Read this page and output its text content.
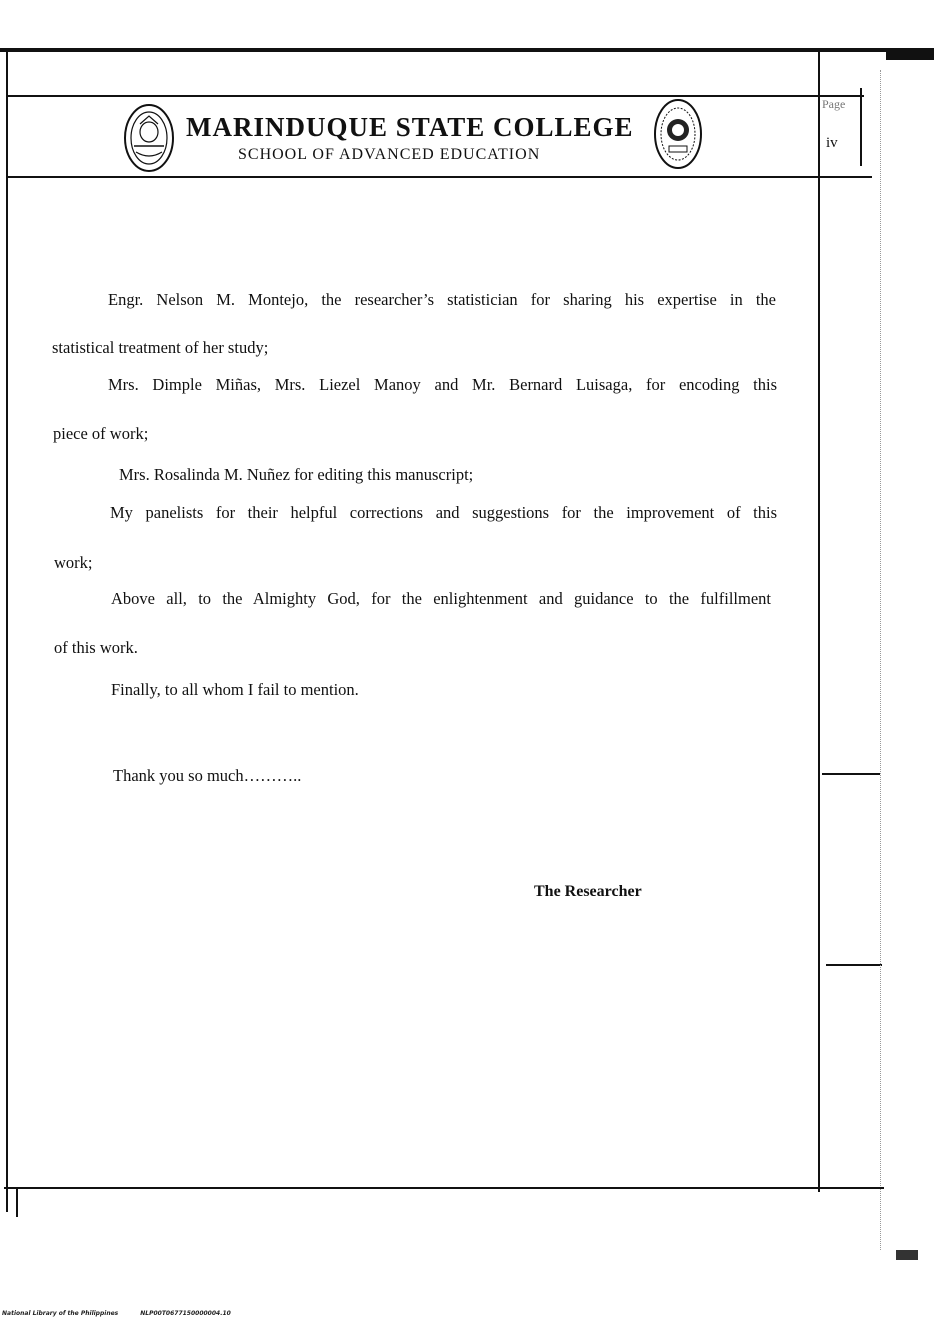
MARINDUQUE STATE COLLEGE
SCHOOL OF ADVANCED EDUCATION
Page
iv
Engr. Nelson M. Montejo, the researcher’s statistician for sharing his expertise in the
statistical treatment of her study;
Mrs. Dimple Miñas, Mrs. Liezel Manoy and Mr. Bernard Luisaga, for encoding this
piece of work;
Mrs. Rosalinda M. Nuñez for editing this manuscript;
My panelists for their helpful corrections and suggestions for the improvement of this
work;
Above all, to the Almighty God, for the enlightenment and guidance to the fulfillment
of this work.
Finally, to all whom I fail to mention.
Thank you so much………..
The Researcher
National Library of the Philippines	NLP00T0677150000004.10
